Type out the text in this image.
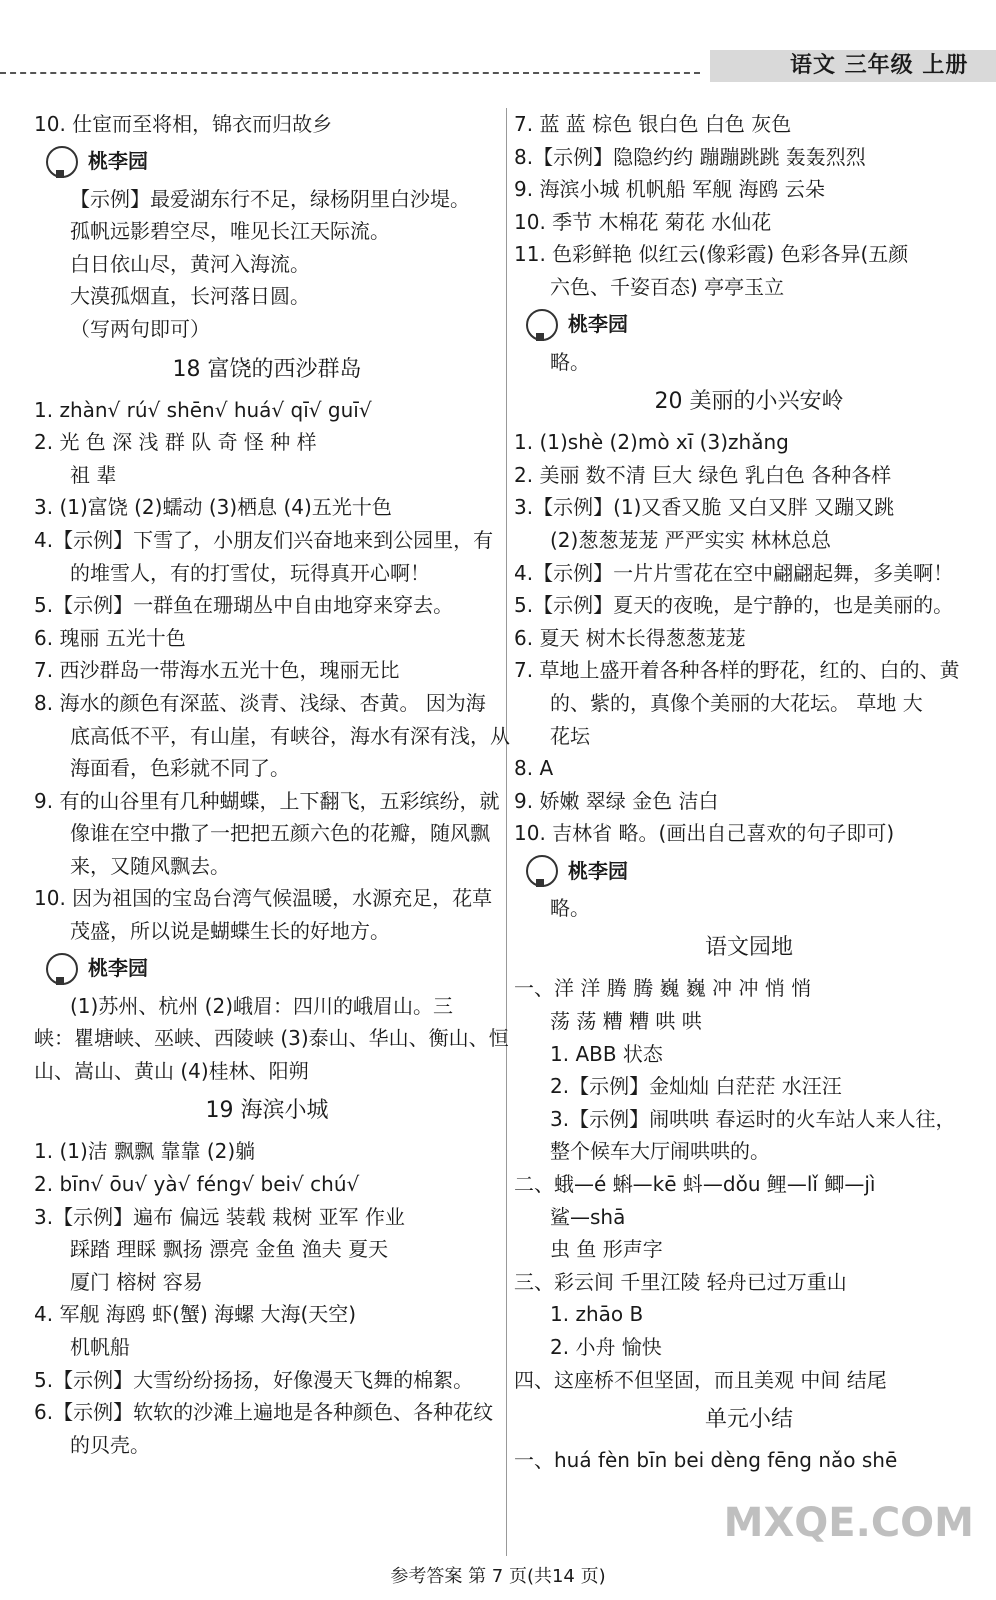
语文 三年级 上册
10. 仕宦而至将相，锦衣而归故乡
桃李园
【示例】最爱湖东行不足，绿杨阴里白沙堤。
孤帆远影碧空尽，唯见长江天际流。
白日依山尽，黄河入海流。
大漠孤烟直，长河落日圆。
（写两句即可）
18 富饶的西沙群岛
1. zhàn√ rú√ shēn√ huá√ qī√ guī√
2. 光 色 深 浅 群 队 奇 怪 种 样
祖 辈
3. (1)富饶 (2)蠕动 (3)栖息 (4)五光十色
4.【示例】下雪了，小朋友们兴奋地来到公园里，有
的堆雪人，有的打雪仗，玩得真开心啊！
5.【示例】一群鱼在珊瑚丛中自由地穿来穿去。
6. 瑰丽 五光十色
7. 西沙群岛一带海水五光十色，瑰丽无比
8. 海水的颜色有深蓝、淡青、浅绿、杏黄。 因为海
底高低不平，有山崖，有峡谷，海水有深有浅，从
海面看，色彩就不同了。
9. 有的山谷里有几种蝴蝶，上下翻飞，五彩缤纷，就
像谁在空中撒了一把把五颜六色的花瓣，随风飘
来，又随风飘去。
10. 因为祖国的宝岛台湾气候温暖，水源充足，花草
茂盛，所以说是蝴蝶生长的好地方。
桃李园
(1)苏州、杭州 (2)峨眉：四川的峨眉山。三
峡：瞿塘峡、巫峡、西陵峡 (3)泰山、华山、衡山、恒
山、嵩山、黄山 (4)桂林、阳朔
19 海滨小城
1. (1)洁 飘飘 靠靠 (2)躺
2. bīn√ ōu√ yà√ féng√ bei√ chú√
3.【示例】遍布 偏远 装载 栽树 亚军 作业
踩踏 理睬 飘扬 漂亮 金鱼 渔夫 夏天
厦门 榕树 容易
4. 军舰 海鸥 虾(蟹) 海螺 大海(天空)
机帆船
5.【示例】大雪纷纷扬扬，好像漫天飞舞的棉絮。
6.【示例】软软的沙滩上遍地是各种颜色、各种花纹
的贝壳。
7. 蓝 蓝 棕色 银白色 白色 灰色
8.【示例】隐隐约约 蹦蹦跳跳 轰轰烈烈
9. 海滨小城 机帆船 军舰 海鸥 云朵
10. 季节 木棉花 菊花 水仙花
11. 色彩鲜艳 似红云(像彩霞) 色彩各异(五颜
六色、千姿百态) 亭亭玉立
桃李园
略。
20 美丽的小兴安岭
1. (1)shè (2)mò xī (3)zhǎng
2. 美丽 数不清 巨大 绿色 乳白色 各种各样
3.【示例】(1)又香又脆 又白又胖 又蹦又跳
(2)葱葱茏茏 严严实实 林林总总
4.【示例】一片片雪花在空中翩翩起舞，多美啊！
5.【示例】夏天的夜晚，是宁静的，也是美丽的。
6. 夏天 树木长得葱葱茏茏
7. 草地上盛开着各种各样的野花，红的、白的、黄
的、紫的，真像个美丽的大花坛。 草地 大
花坛
8. A
9. 娇嫩 翠绿 金色 洁白
10. 吉林省 略。(画出自己喜欢的句子即可)
桃李园
略。
语文园地
一、洋 洋 腾 腾 巍 巍 冲 冲 悄 悄
荡 荡 糟 糟 哄 哄
1. ABB 状态
2.【示例】金灿灿 白茫茫 水汪汪
3.【示例】闹哄哄 春运时的火车站人来人往，
整个候车大厅闹哄哄的。
二、蛾—é 蝌—kē 蚪—dǒu 鲤—lǐ 鲫—jì
鲨—shā
虫 鱼 形声字
三、彩云间 千里江陵 轻舟已过万重山
1. zhāo B
2. 小舟 愉快
四、这座桥不但坚固，而且美观 中间 结尾
单元小结
一、huá fèn bīn bei dèng fēng nǎo shē
参考答案 第 7 页(共14 页)
MXQE.COM
